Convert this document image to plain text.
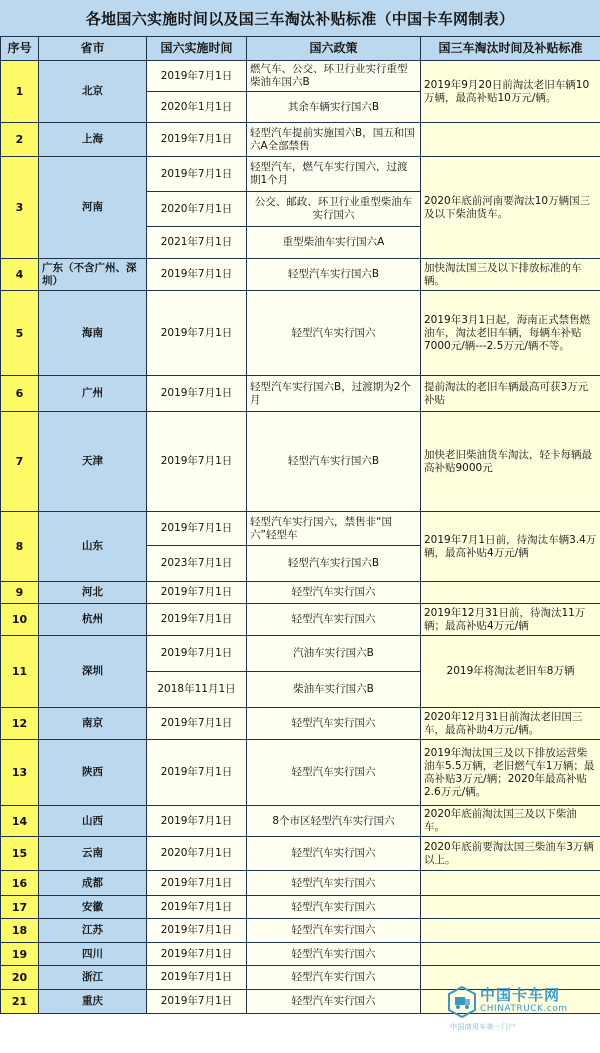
各地国六实施时间以及国三车淘汰补贴标准（中国卡车网制表）
序号	省市	国六实施时间	国六政策	国三车淘汰时间及补贴标准
1	北京	2019年7月1日	燃气车、公交、环卫行业实行重型柴油车国六B	2019年9月20日前淘汰老旧车辆10万辆，最高补贴10万元/辆。
		2020年1月1日	其余车辆实行国六B	
2	上海	2019年7月1日	轻型汽车提前实施国六B，国五和国六A全部禁售	
3	河南	2019年7月1日	轻型汽车，燃气车实行国六，过渡期1个月	2020年底前河南要淘汰10万辆国三及以下柴油货车。
		2020年7月1日	公交、邮政、环卫行业重型柴油车实行国六	
		2021年7月1日	重型柴油车实行国六A	
4	广东（不含广州、深圳）	2019年7月1日	轻型汽车实行国六B	加快淘汰国三及以下排放标准的车辆。
5	海南	2019年7月1日	轻型汽车实行国六	2019年3月1日起，海南正式禁售燃油车，淘汰老旧车辆，每辆车补贴7000元/辆---2.5万元/辆不等。
6	广州	2019年7月1日	轻型汽车实行国六B，过渡期为2个月	提前淘汰的老旧车辆最高可获3万元补贴
7	天津	2019年7月1日	轻型汽车实行国六B	加快老旧柴油货车淘汰，轻卡每辆最高补贴9000元
8	山东	2019年7月1日	轻型汽车实行国六，禁售非“国六”轻型车	2019年7月1日前，待淘汰车辆3.4万辆，最高补贴4万元/辆
		2023年7月1日	轻型汽车实行国六B	
9	河北	2019年7月1日	轻型汽车实行国六	
10	杭州	2019年7月1日	轻型汽车实行国六	2019年12月31日前，待淘汰11万辆；最高补贴4万元/辆
11	深圳	2019年7月1日	汽油车实行国六B	2019年将淘汰老旧车8万辆
		2018年11月1日	柴油车实行国六B	
12	南京	2019年7月1日	轻型汽车实行国六	2020年12月31日前淘汰老旧国三车，最高补助4万元/辆。
13	陕西	2019年7月1日	轻型汽车实行国六	2019年淘汰国三及以下排放运营柴油车5.5万辆，老旧燃气车1万辆；最高补贴3万元/辆；2020年最高补贴2.6万元/辆。
14	山西	2019年7月1日	8个市区轻型汽车实行国六	2020年底前淘汰国三及以下柴油车。
15	云南	2020年7月1日	轻型汽车实行国六	2020年底前要淘汰国三柴油车3万辆以上。
16	成都	2019年7月1日	轻型汽车实行国六	
17	安徽	2019年7月1日	轻型汽车实行国六	
18	江苏	2019年7月1日	轻型汽车实行国六	
19	四川	2019年7月1日	轻型汽车实行国六	
20	浙江	2019年7月1日	轻型汽车实行国六	
21	重庆	2019年7月1日	轻型汽车实行国六		中国卡车网
CHINATRUCK.com
中国商用车第一门户
